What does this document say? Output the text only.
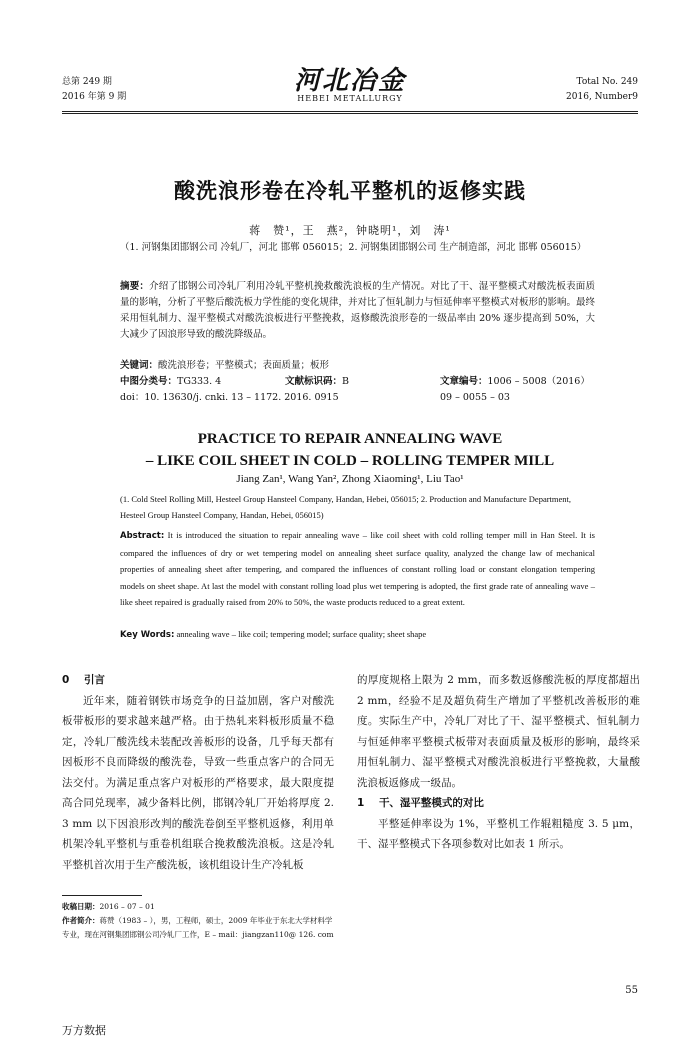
总第 249 期
2016 年第 9 期
河北冶金
HEBEI METALLURGY
Total No. 249
2016, Number9
酸洗浪形卷在冷轧平整机的返修实践
蒋　赞¹，王　燕²，钟晓明¹，刘　涛¹
（1. 河钢集团邯钢公司 冷轧厂，河北 邯郸 056015；2. 河钢集团邯钢公司 生产制造部，河北 邯郸 056015）
摘要：介绍了邯钢公司冷轧厂利用冷轧平整机挽救酸洗浪板的生产情况。对比了干、湿平整模式对酸洗板表面质量的影响，分析了平整后酸洗板力学性能的变化规律，并对比了恒轧制力与恒延伸率平整模式对板形的影响。最终采用恒轧制力、湿平整模式对酸洗浪板进行平整挽救，返修酸洗浪形卷的一级品率由 20% 逐步提高到 50%，大大减少了因浪形导致的酸洗降级品。
关键词：酸洗浪形卷；平整模式；表面质量；板形
中图分类号：TG333. 4	文献标识码：B	文章编号：1006 – 5008（2016）09 – 0055 – 03
doi：10. 13630/j. cnki. 13 – 1172. 2016. 0915
PRACTICE TO REPAIR ANNEALING WAVE
– LIKE COIL SHEET IN COLD – ROLLING TEMPER MILL
Jiang Zan¹, Wang Yan², Zhong Xiaoming¹, Liu Tao¹
(1. Cold Steel Rolling Mill, Hesteel Group Hansteel Company, Handan, Hebei, 056015; 2. Production and Manufacture Department, Hesteel Group Hansteel Company, Handan, Hebei, 056015)
Abstract: It is introduced the situation to repair annealing wave – like coil sheet with cold rolling temper mill in Han Steel. It is compared the influences of dry or wet tempering model on annealing sheet surface quality, analyzed the change law of mechanical properties of annealing sheet after tempering, and compared the influences of constant rolling load or constant elongation tempering models on sheet shape. At last the model with constant rolling load plus wet tempering is adopted, the first grade rate of annealing wave – like sheet repaired is gradually raised from 20% to 50%, the waste products reduced to a great extent.
Key Words: annealing wave – like coil; tempering model; surface quality; sheet shape
0 引言
近年来，随着钢铁市场竞争的日益加剧，客户对酸洗板带板形的要求越来越严格。由于热轧来料板形质量不稳定，冷轧厂酸洗线未装配改善板形的设备，几乎每天都有因板形不良而降级的酸洗卷，导致一些重点客户的合同无法交付。为满足重点客户对板形的严格要求，最大限度提高合同兑现率，减少备料比例，邯钢冷轧厂开始将厚度 2. 3 mm 以下因浪形改判的酸洗卷倒至平整机返修，利用单机架冷轧平整机与重卷机组联合挽救酸洗浪板。这是冷轧平整机首次用于生产酸洗板，该机组设计生产冷轧板
的厚度规格上限为 2 mm，而多数返修酸洗板的厚度都超出 2 mm，经验不足及超负荷生产增加了平整机改善板形的难度。实际生产中，冷轧厂对比了干、湿平整模式、恒轧制力与恒延伸率平整模式板带对表面质量及板形的影响，最终采用恒轧制力、湿平整模式对酸洗浪板进行平整挽救，大量酸洗浪板返修成一级品。
1 干、湿平整模式的对比
平整延伸率设为 1%，平整机工作辊粗糙度 3. 5 μm，干、湿平整模式下各项参数对比如表 1 所示。
收稿日期：2016 – 07 – 01
作者简介：蒋赞（1983 – ），男，工程师，硕士，2009 年毕业于东北大学材料学专业，现在河钢集团邯钢公司冷轧厂工作，E – mail：jiangzan110@ 126. com
55
万方数据
